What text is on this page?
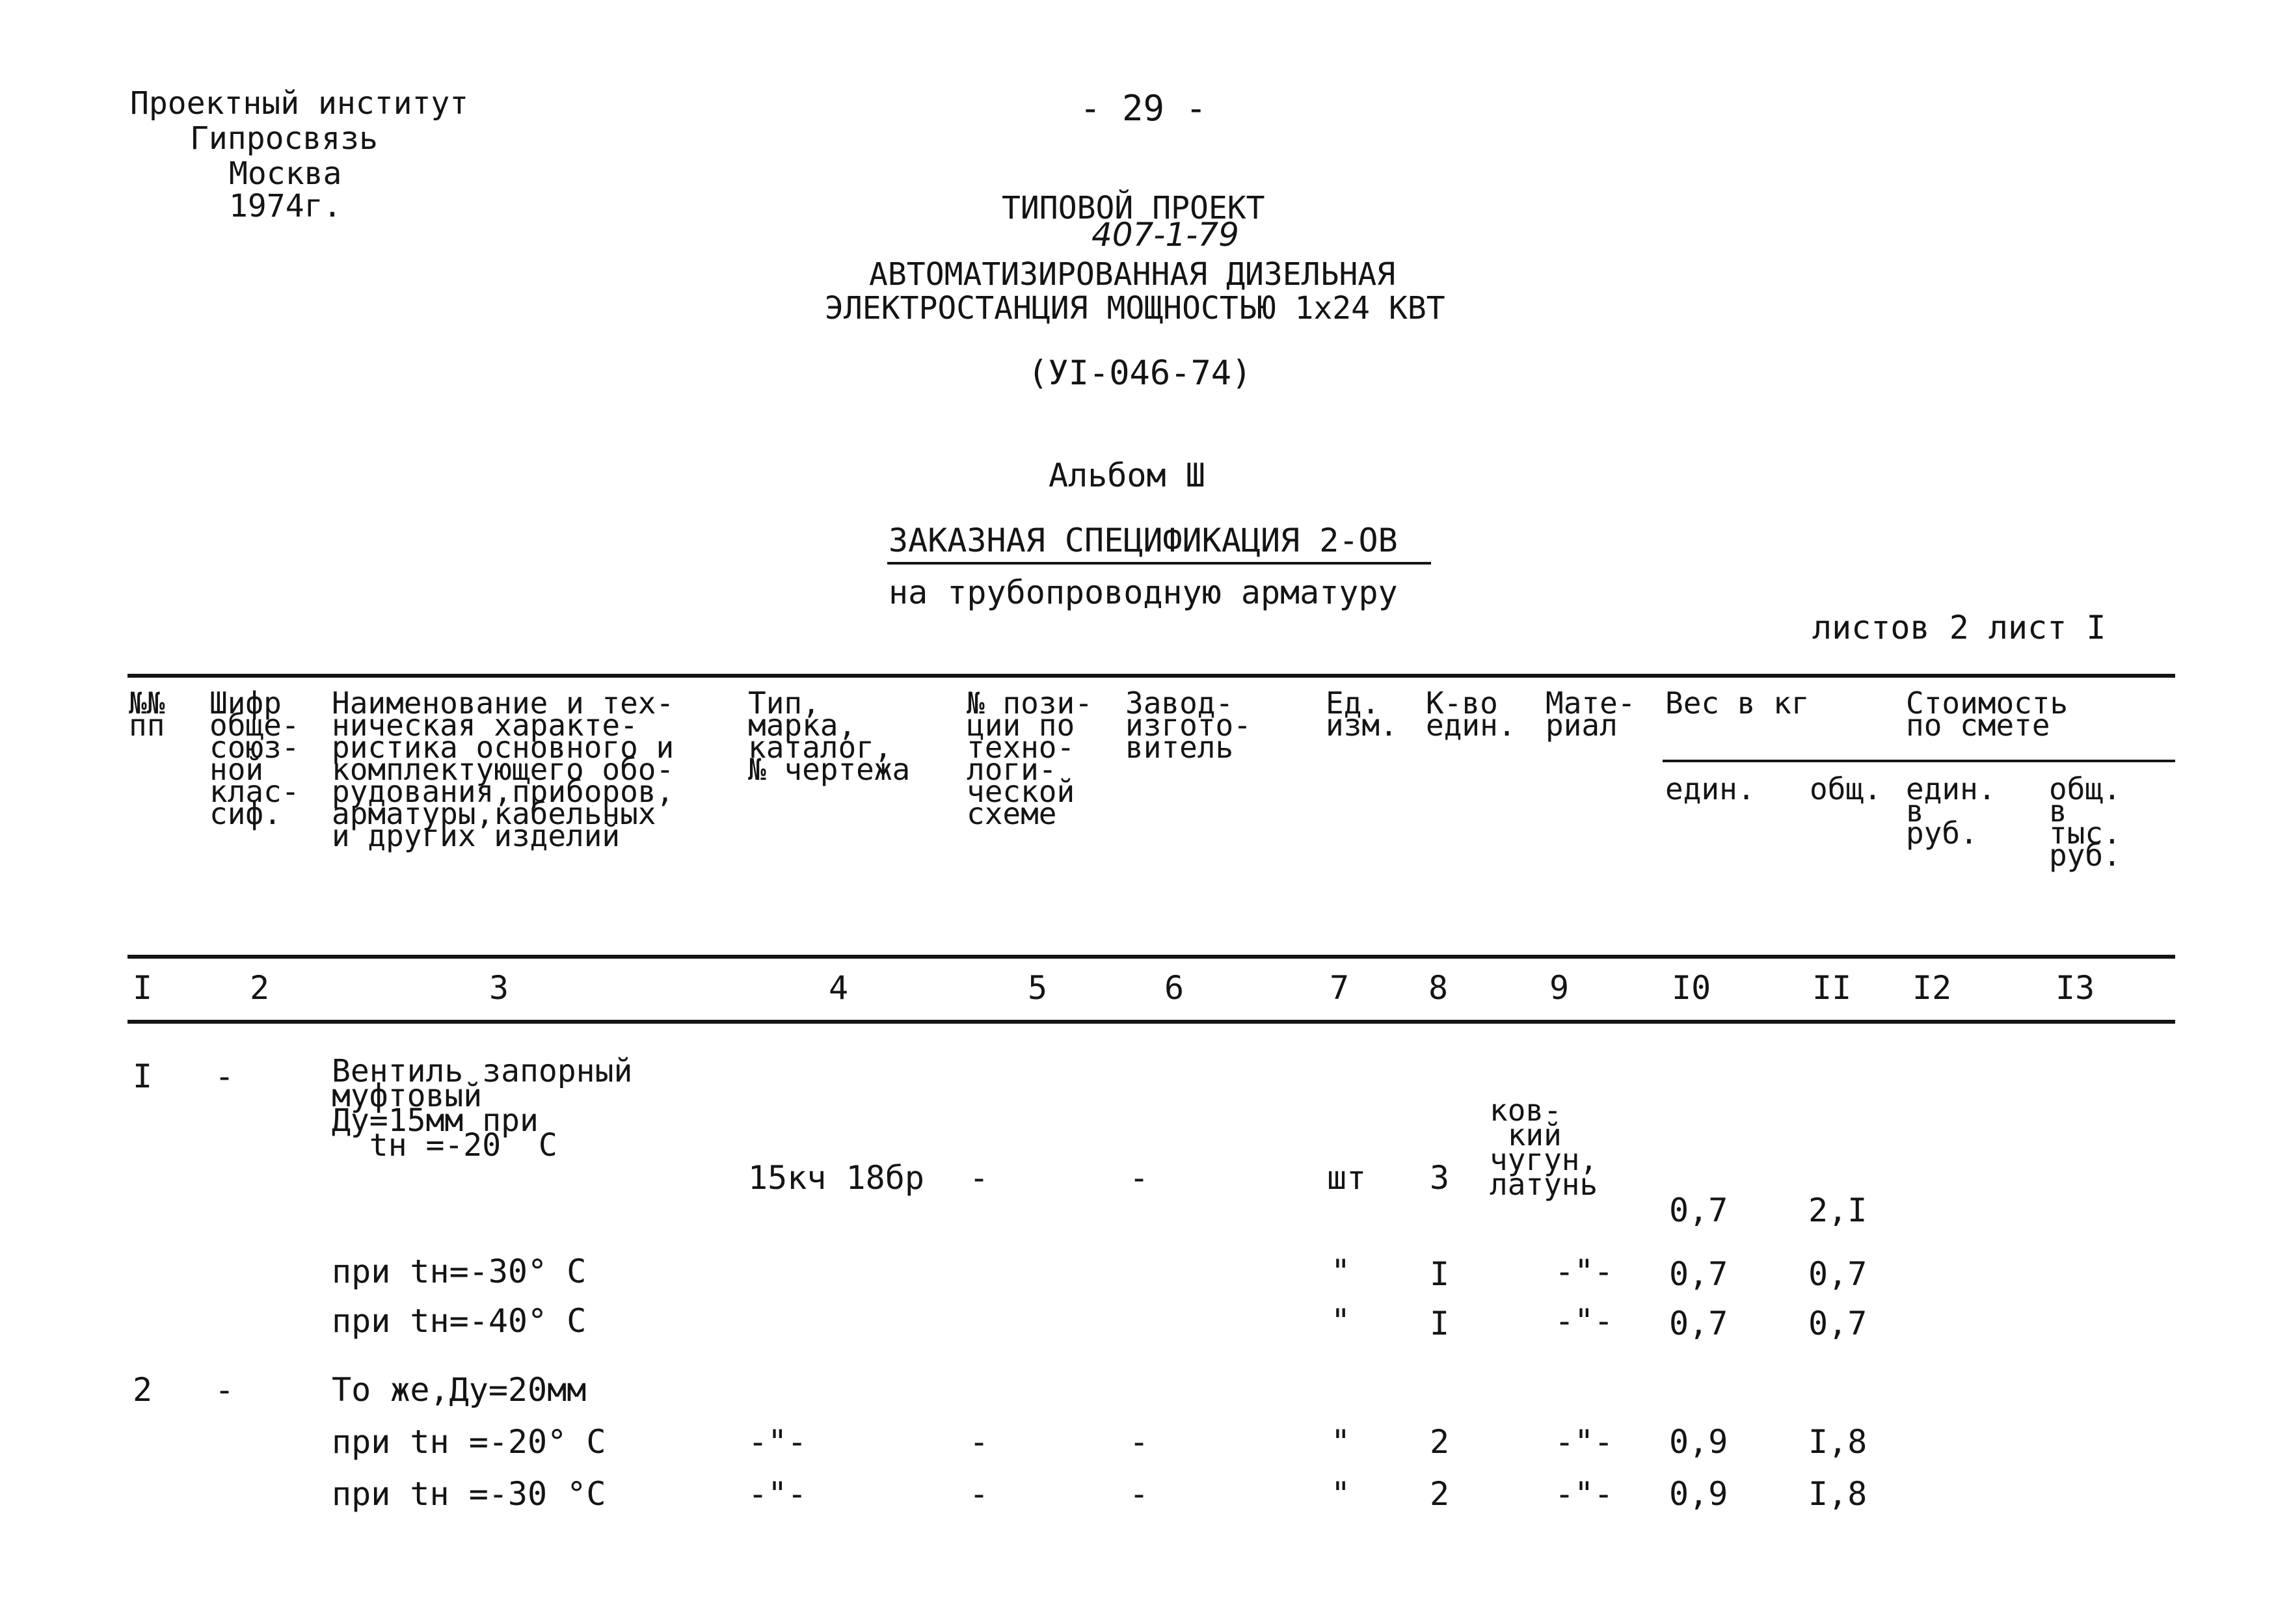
Проектный институт
Гипросвязь
Москва
1974г.
- 29 -
ТИПОВОЙ ПРОЕКТ
407-1-79
АВТОМАТИЗИРОВАННАЯ ДИЗЕЛЬНАЯ
ЭЛЕКТРОСТАНЦИЯ МОЩНОСТЬЮ 1х24 КВТ
(УI-046-74)
Альбом Ш
ЗАКАЗНАЯ СПЕЦИФИКАЦИЯ 2-ОВ
на трубопроводную арматуру
листов 2 лист I
№№
пп
Шифр
обще-
союз-
ной
клас-
сиф.
Наименование и тех-
ническая характе-
ристика основного и
комплектующего обо-
рудования,приборов,
арматуры,кабельных
и других изделий
Тип,
марка,
каталог,
№ чертежа
№ пози-
ции по
техно-
логи-
ческой
схеме
Завод-
изгото-
витель
Ед.
изм.
К-во
един.
Мате-
риал
Вес в кг
един. общ.
Стоимость
по смете
един.
в
руб.
общ.
в
тыс.
руб.
I	2	3	4	5	6	7 8	9	I0	II I2	I3
I -	Вентиль запорный
муфтовый
Ду=15мм при
tн =-20  С
15кч 18бр -	-	шт 3
ков-
кий
чугун,
латунь
0,7 2,I
при tн=-30° С	" I	-"- 0,7 0,7
при tн=-40° С	" I	-"- 0,7 0,7
2 -	То же,Ду=20мм
при tн =-20° С	-"-	-	-	" 2	-"- 0,9 I,8
при tн =-30 °С	-"-	-	-	" 2	-"- 0,9 I,8
